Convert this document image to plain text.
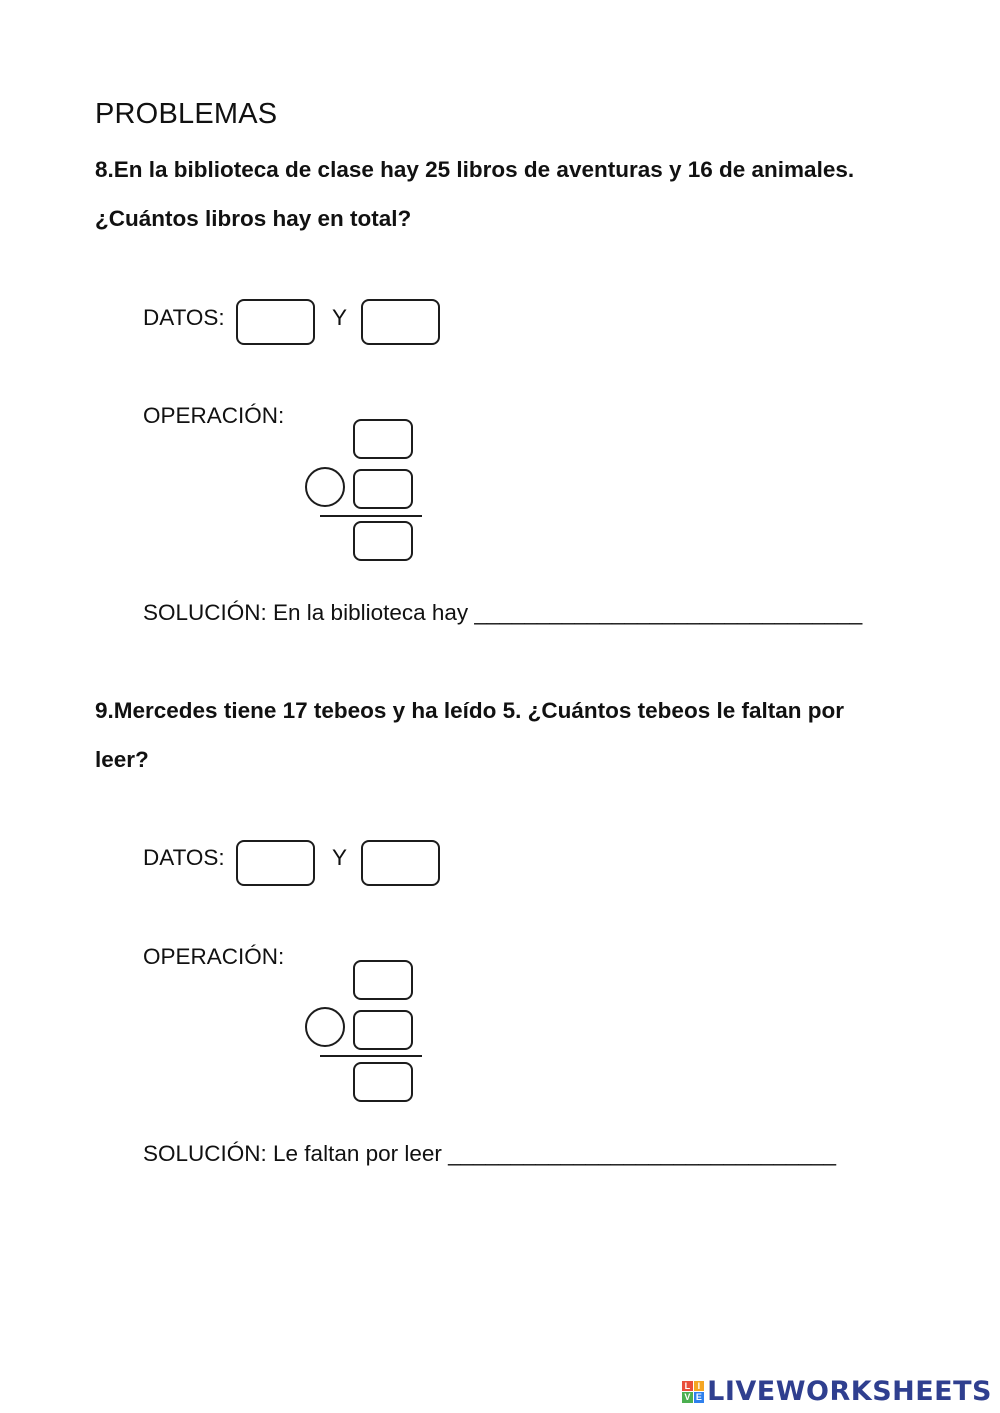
PROBLEMAS
8.En la biblioteca de clase hay 25 libros de aventuras y 16 de animales.
¿Cuántos libros hay en total?
DATOS:	Y
OPERACIÓN:
SOLUCIÓN: En la biblioteca hay _______________________________
9.Mercedes tiene 17 tebeos y ha leído 5. ¿Cuántos tebeos le faltan por
leer?
DATOS:	Y
OPERACIÓN:
SOLUCIÓN: Le faltan por leer _______________________________
L I
V E LIVEWORKSHEETS
